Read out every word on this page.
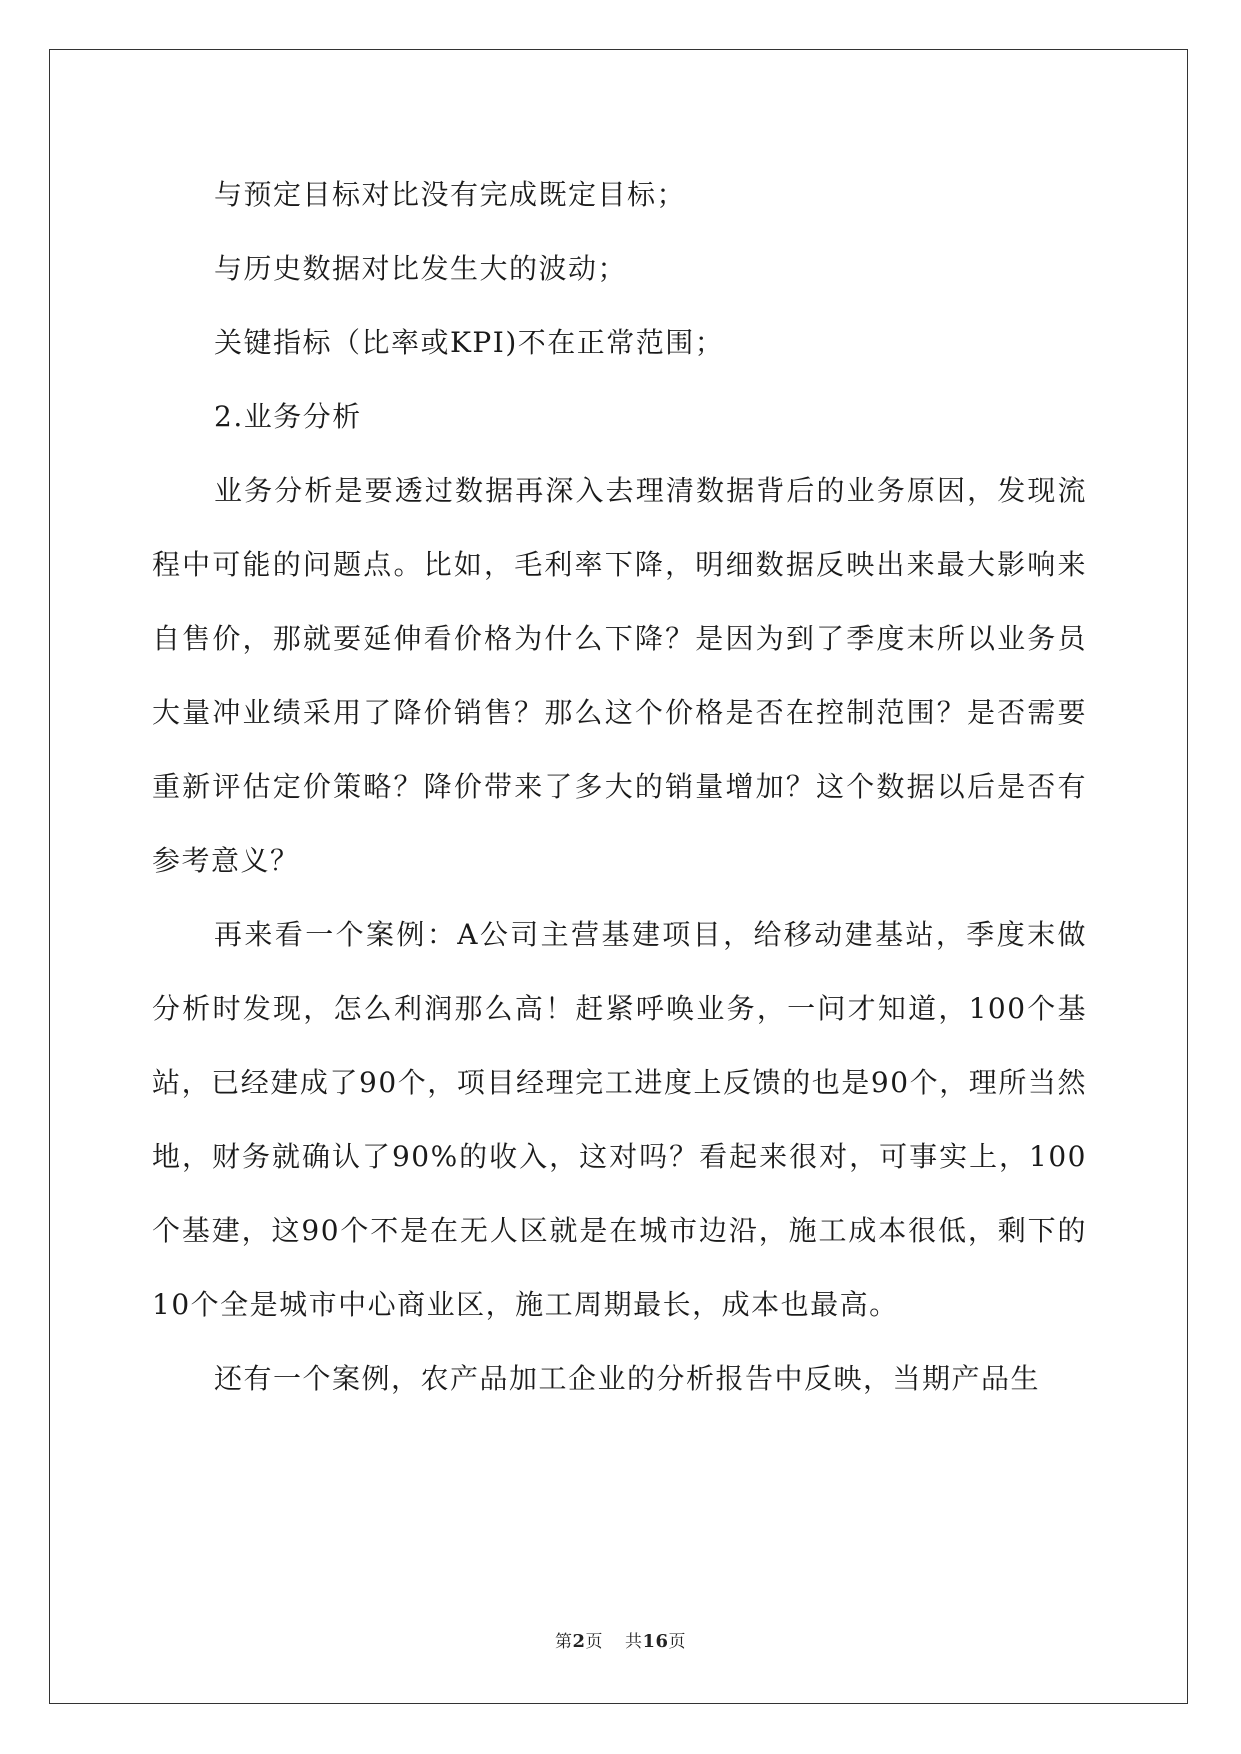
与预定目标对比没有完成既定目标；

与历史数据对比发生大的波动；

关键指标（比率或KPI)不在正常范围；

2.业务分析

业务分析是要透过数据再深入去理清数据背后的业务原因，发现流程中可能的问题点。比如，毛利率下降，明细数据反映出来最大影响来自售价，那就要延伸看价格为什么下降？是因为到了季度末所以业务员大量冲业绩采用了降价销售？那么这个价格是否在控制范围？是否需要重新评估定价策略？降价带来了多大的销量增加？这个数据以后是否有参考意义？

再来看一个案例：A公司主营基建项目，给移动建基站，季度末做分析时发现，怎么利润那么高！赶紧呼唤业务，一问才知道，100个基站，已经建成了90个，项目经理完工进度上反馈的也是90个，理所当然地，财务就确认了90%的收入，这对吗？看起来很对，可事实上，100个基建，这90个不是在无人区就是在城市边沿，施工成本很低，剩下的10个全是城市中心商业区，施工周期最长，成本也最高。

还有一个案例，农产品加工企业的分析报告中反映，当期产品生

第2页 共16页
